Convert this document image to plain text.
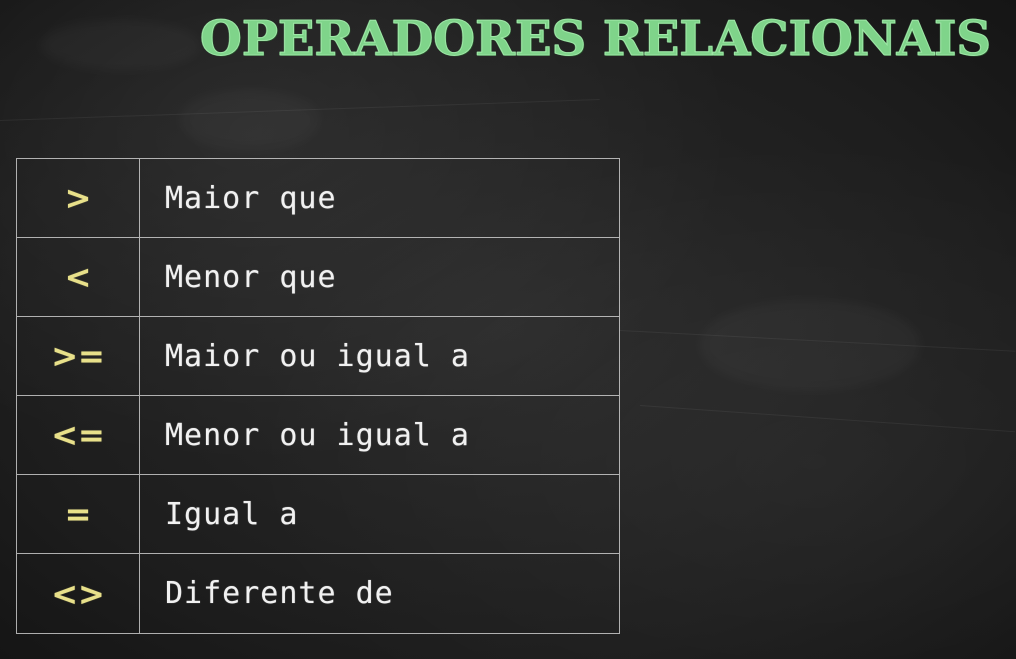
OPERADORES RELACIONAIS
>	Maior que
<	Menor que
>=	Maior ou igual a
<=	Menor ou igual a
=	Igual a
<>	Diferente de
